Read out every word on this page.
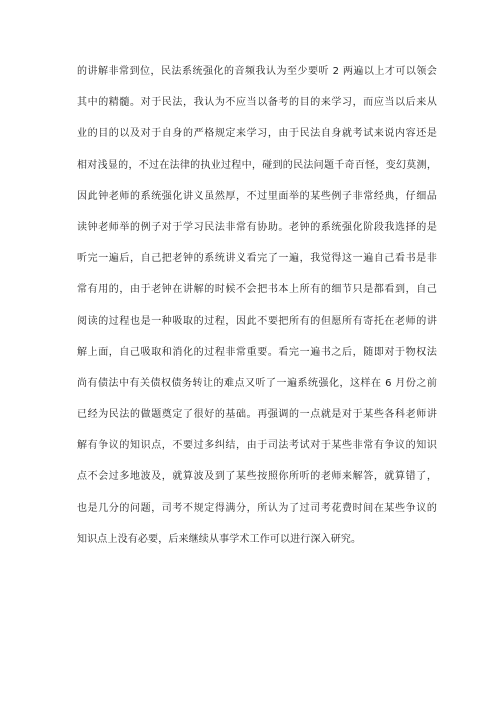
的讲解非常到位，民法系统强化的音频我认为至少要听 2 两遍以上才可以领会
其中的精髓。对于民法，我认为不应当以备考的目的来学习，而应当以后来从
业的目的以及对于自身的严格规定来学习，由于民法自身就考试来说内容还是
相对浅显的，不过在法律的执业过程中，碰到的民法问题千奇百怪，变幻莫测，
因此钟老师的系统强化讲义虽然厚，不过里面举的某些例子非常经典，仔细品
读钟老师举的例子对于学习民法非常有协助。老钟的系统强化阶段我选择的是
听完一遍后，自己把老钟的系统讲义看完了一遍，我觉得这一遍自己看书是非
常有用的，由于老钟在讲解的时候不会把书本上所有的细节只是都看到，自己
阅读的过程也是一种吸取的过程，因此不要把所有的但愿所有寄托在老师的讲
解上面，自己吸取和消化的过程非常重要。看完一遍书之后，随即对于物权法
尚有债法中有关债权债务转让的难点又听了一遍系统强化，这样在 6 月份之前
已经为民法的做题奠定了很好的基础。再强调的一点就是对于某些各科老师讲
解有争议的知识点，不要过多纠结，由于司法考试对于某些非常有争议的知识
点不会过多地波及，就算波及到了某些按照你所听的老师来解答，就算错了，
也是几分的问题，司考不规定得满分，所认为了过司考花费时间在某些争议的
知识点上没有必要，后来继续从事学术工作可以进行深入研究。
